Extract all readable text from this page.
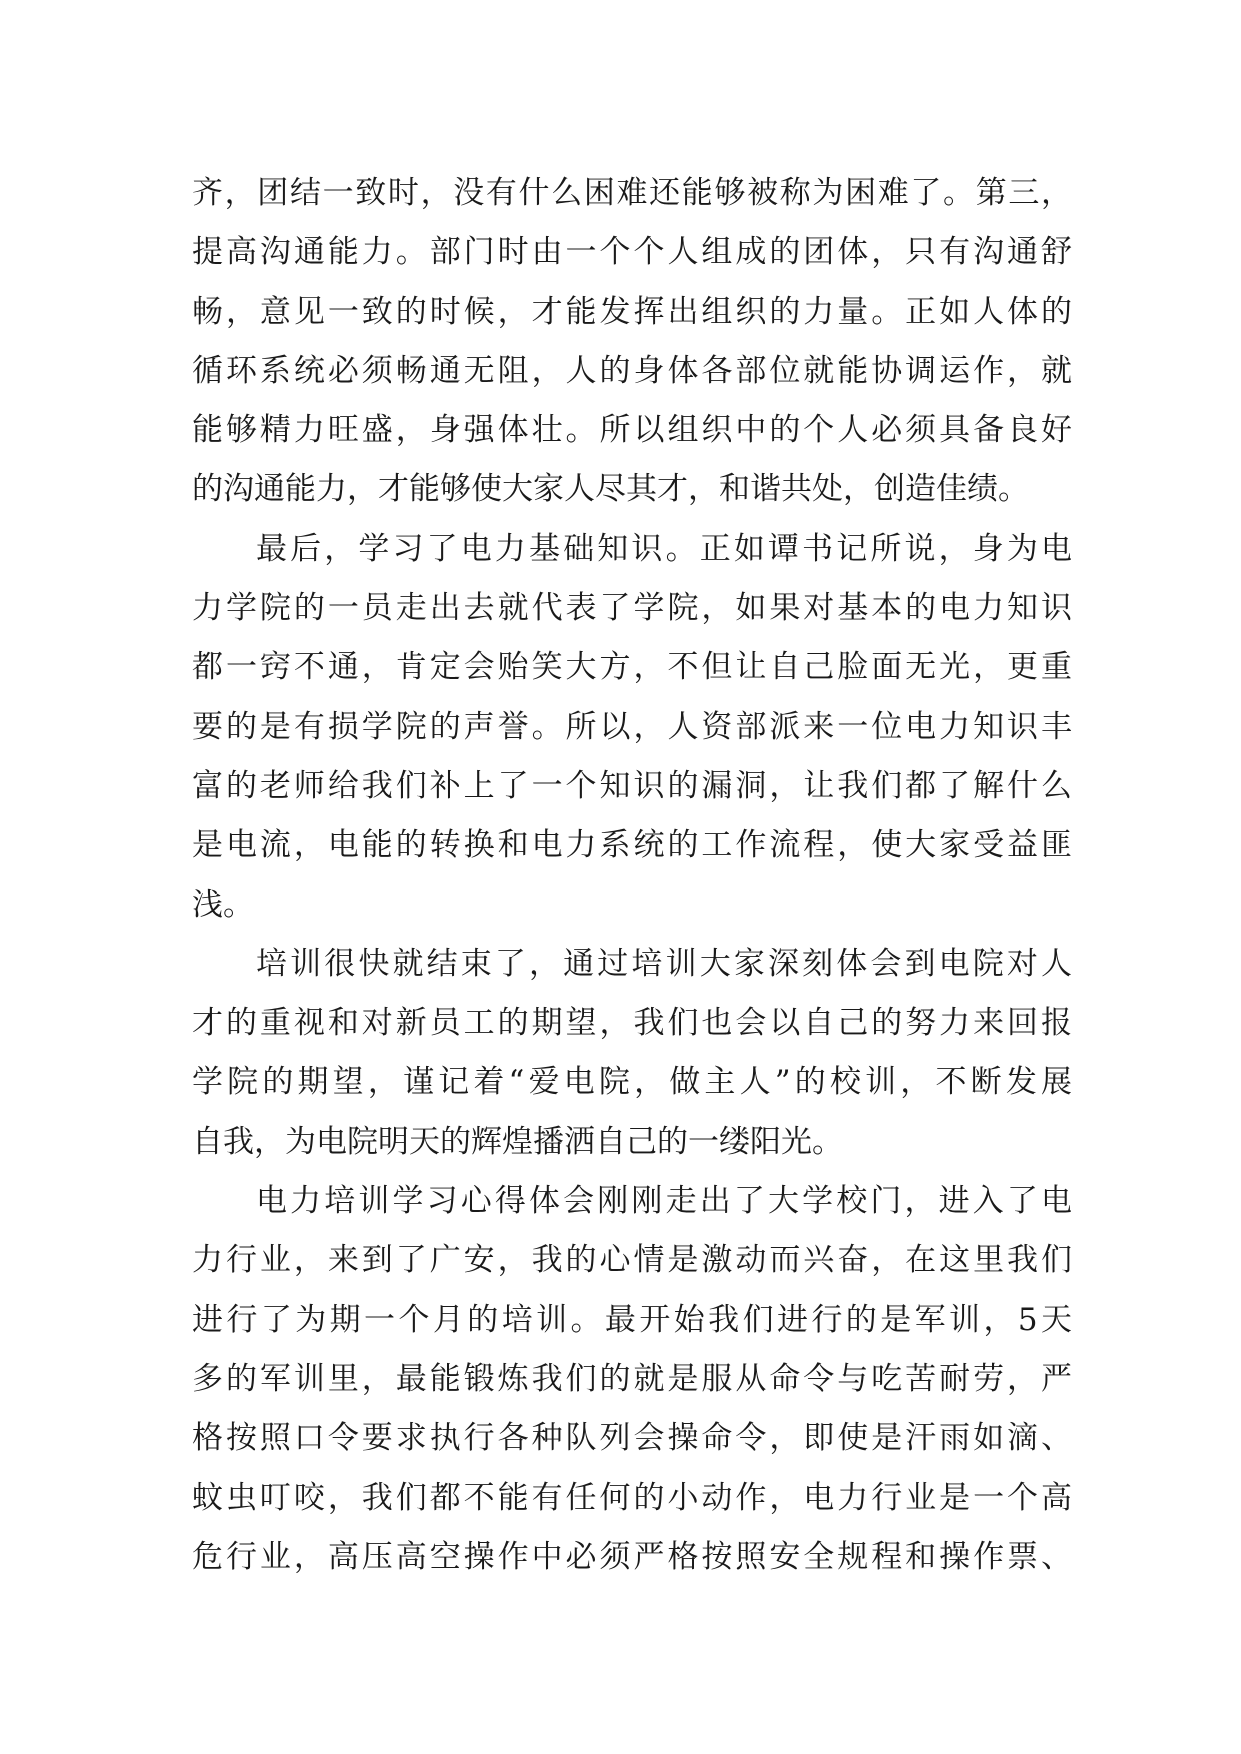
齐，团结一致时，没有什么困难还能够被称为困难了。第三，
提高沟通能力。部门时由一个个人组成的团体，只有沟通舒
畅，意见一致的时候，才能发挥出组织的力量。正如人体的
循环系统必须畅通无阻，人的身体各部位就能协调运作，就
能够精力旺盛，身强体壮。所以组织中的个人必须具备良好
的沟通能力，才能够使大家人尽其才，和谐共处，创造佳绩。
最后，学习了电力基础知识。正如谭书记所说，身为电
力学院的一员走出去就代表了学院，如果对基本的电力知识
都一窍不通，肯定会贻笑大方，不但让自己脸面无光，更重
要的是有损学院的声誉。所以，人资部派来一位电力知识丰
富的老师给我们补上了一个知识的漏洞，让我们都了解什么
是电流，电能的转换和电力系统的工作流程，使大家受益匪
浅。
培训很快就结束了，通过培训大家深刻体会到电院对人
才的重视和对新员工的期望，我们也会以自己的努力来回报
学院的期望，谨记着“爱电院，做主人”的校训，不断发展
自我，为电院明天的辉煌播洒自己的一缕阳光。
电力培训学习心得体会刚刚走出了大学校门，进入了电
力行业，来到了广安，我的心情是激动而兴奋，在这里我们
进行了为期一个月的培训。最开始我们进行的是军训，5天
多的军训里，最能锻炼我们的就是服从命令与吃苦耐劳，严
格按照口令要求执行各种队列会操命令，即使是汗雨如滴、
蚊虫叮咬，我们都不能有任何的小动作，电力行业是一个高
危行业，高压高空操作中必须严格按照安全规程和操作票、
